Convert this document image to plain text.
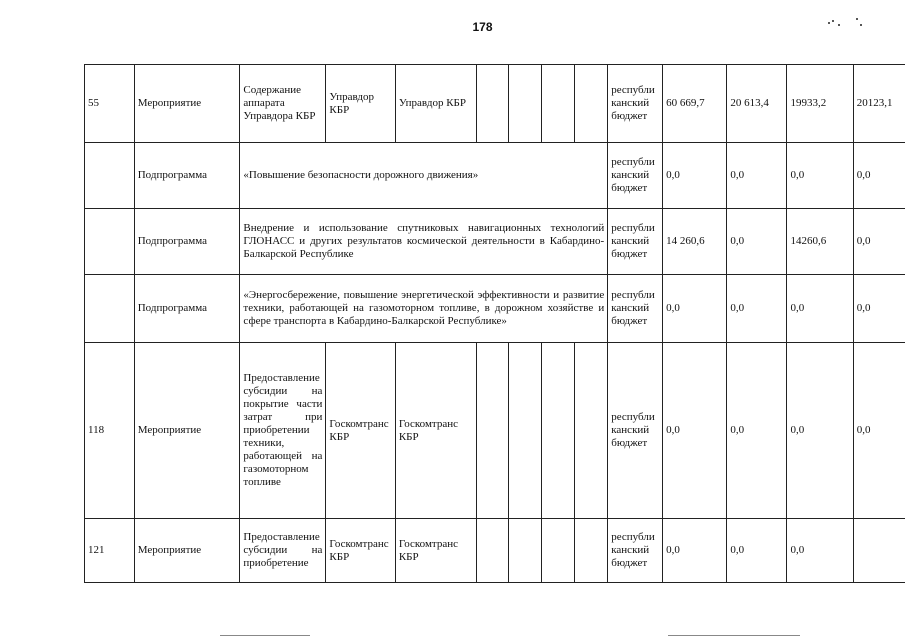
178
55	Мероприятие	Содержание аппарата Управдора КБР	Управдор КБР	Управдор КБР					республиканский бюджет	60 669,7	20 613,4	19933,2	20123,1
	Подпрограмма	«Повышение безопасности дорожного движения»							республиканский бюджет	0,0	0,0	0,0	0,0
	Подпрограмма	Внедрение и использование спутниковых навигационных технологий ГЛОНАСС и других результатов космической деятельности в Кабардино-Балкарской Республике							республиканский бюджет	14 260,6	0,0	14260,6	0,0
	Подпрограмма	«Энергосбережение, повышение энергетической эффективности и развитие техники, работающей на газомоторном топливе, в дорожном хозяйстве и сфере транспорта в Кабардино-Балкарской Республике»							республиканский бюджет	0,0	0,0	0,0	0,0
118	Мероприятие	Предоставление субсидии на покрытие части затрат при приобретении техники, работающей на газомоторном топливе	Госкомтранс КБР	Госкомтранс КБР					республиканский бюджет	0,0	0,0	0,0	0,0
121	Мероприятие	Предоставление субсидии на приобретение	Госкомтранс КБР	Госкомтранс КБР					республиканский бюджет	0,0	0,0	0,0	
